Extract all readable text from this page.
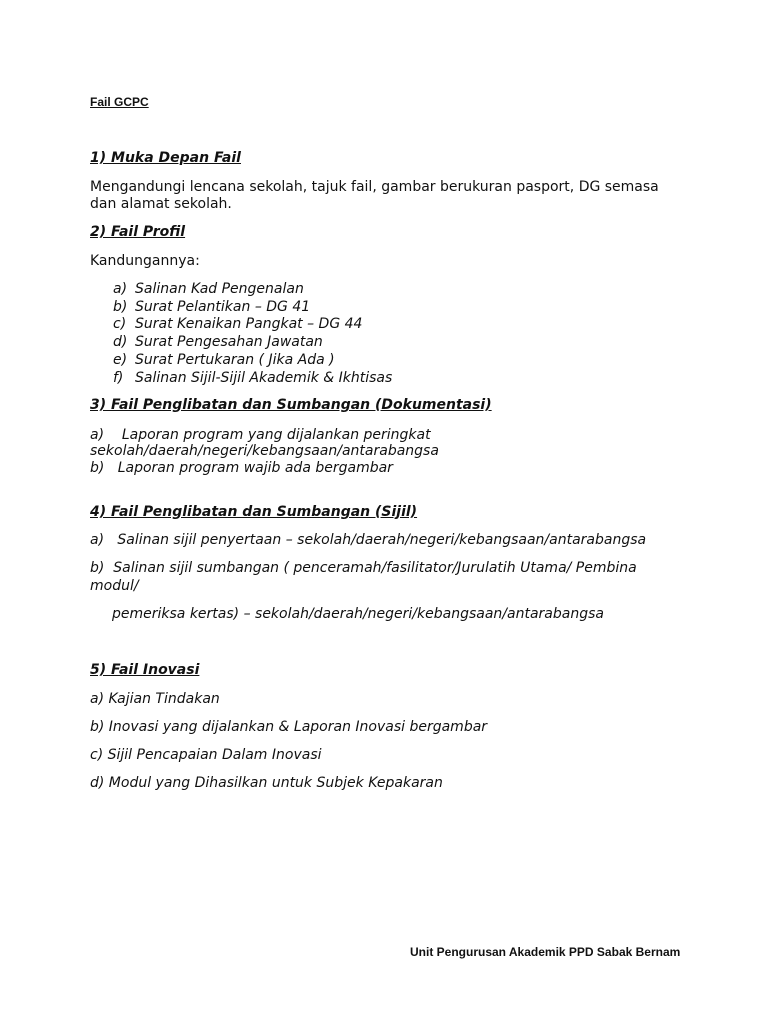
Fail GCPC
1) Muka Depan Fail
Mengandungi lencana sekolah, tajuk fail, gambar berukuran pasport, DG semasa
dan alamat sekolah.
2) Fail Profil
Kandungannya:
a) Salinan Kad Pengenalan
b) Surat Pelantikan – DG 41
c) Surat Kenaikan Pangkat – DG 44
d) Surat Pengesahan Jawatan
e) Surat Pertukaran ( Jika Ada )
f) Salinan Sijil-Sijil Akademik & Ikhtisas
3) Fail Penglibatan dan Sumbangan (Dokumentasi)
a)    Laporan program yang dijalankan peringkat
sekolah/daerah/negeri/kebangsaan/antarabangsa
b)   Laporan program wajib ada bergambar
4) Fail Penglibatan dan Sumbangan (Sijil)
a)   Salinan sijil penyertaan – sekolah/daerah/negeri/kebangsaan/antarabangsa
b)  Salinan sijil sumbangan ( penceramah/fasilitator/Jurulatih Utama/ Pembina
modul/
pemeriksa kertas) – sekolah/daerah/negeri/kebangsaan/antarabangsa
5) Fail Inovasi
a) Kajian Tindakan
b) Inovasi yang dijalankan & Laporan Inovasi bergambar
c) Sijil Pencapaian Dalam Inovasi
d) Modul yang Dihasilkan untuk Subjek Kepakaran
Unit Pengurusan Akademik PPD Sabak Bernam
